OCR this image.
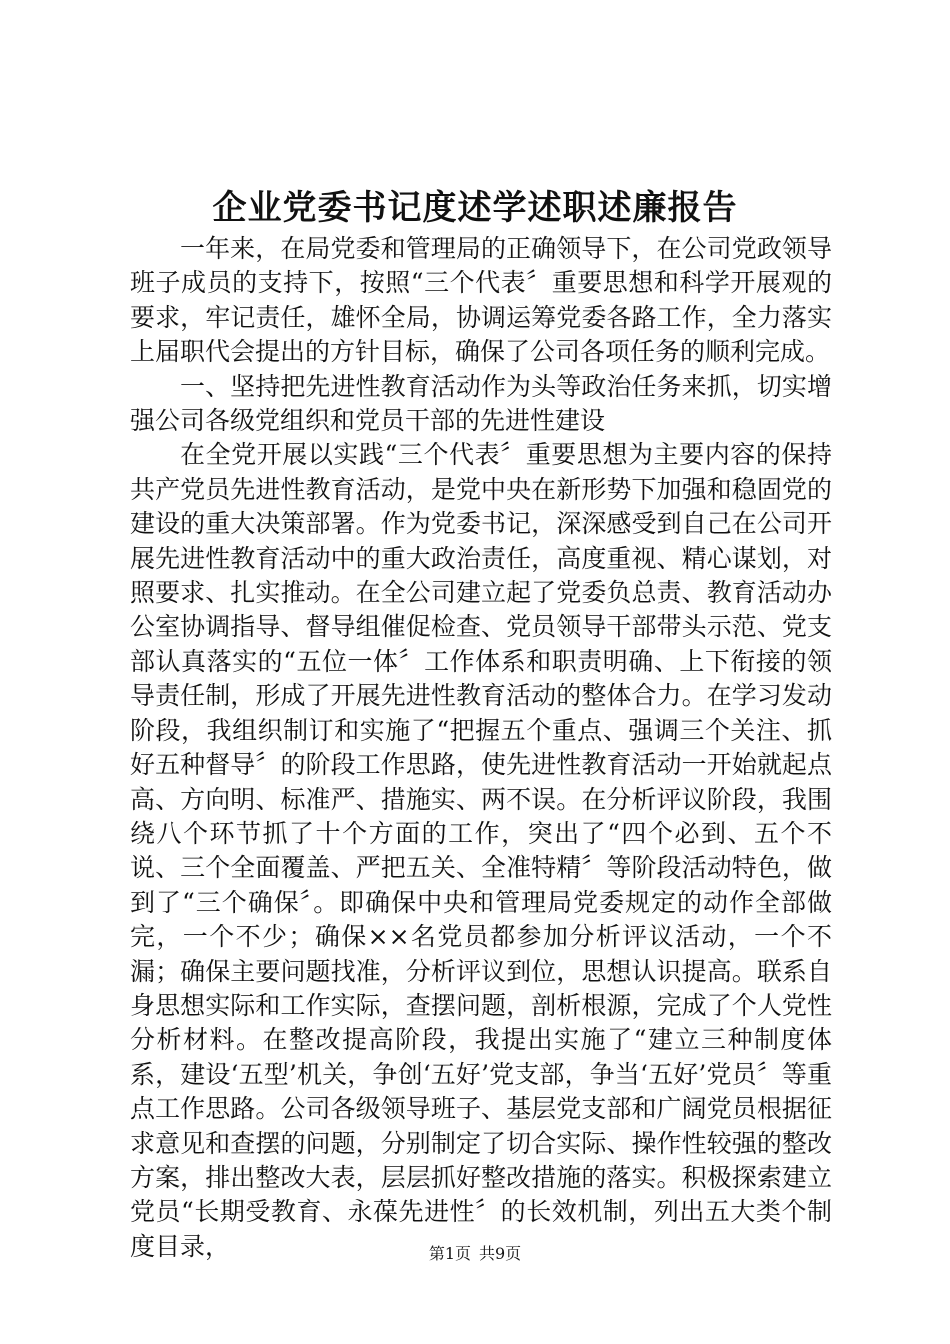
企业党委书记度述学述职述廉报告

一年来，在局党委和管理局的正确领导下，在公司党政领导班子成员的支持下，按照“三个代表〞重要思想和科学开展观的要求，牢记责任，雄怀全局，协调运筹党委各路工作，全力落实上届职代会提出的方针目标，确保了公司各项任务的顺利完成。

一、坚持把先进性教育活动作为头等政治任务来抓，切实增强公司各级党组织和党员干部的先进性建设

在全党开展以实践“三个代表〞重要思想为主要内容的保持共产党员先进性教育活动，是党中央在新形势下加强和稳固党的建设的重大决策部署。作为党委书记，深深感受到自己在公司开展先进性教育活动中的重大政治责任，高度重视、精心谋划，对照要求、扎实推动。在全公司建立起了党委负总责、教育活动办公室协调指导、督导组催促检查、党员领导干部带头示范、党支部认真落实的“五位一体〞工作体系和职责明确、上下衔接的领导责任制，形成了开展先进性教育活动的整体合力。在学习发动阶段，我组织制订和实施了“把握五个重点、强调三个关注、抓好五种督导〞的阶段工作思路，使先进性教育活动一开始就起点高、方向明、标准严、措施实、两不误。在分析评议阶段，我围绕八个环节抓了十个方面的工作，突出了“四个必到、五个不说、三个全面覆盖、严把五关、全准特精〞等阶段活动特色，做到了“三个确保〞。即确保中央和管理局党委规定的动作全部做完，一个不少；确保××名党员都参加分析评议活动，一个不漏；确保主要问题找准，分析评议到位，思想认识提高。联系自身思想实际和工作实际，查摆问题，剖析根源，完成了个人党性分析材料。在整改提高阶段，我提出实施了“建立三种制度体系，建设‘五型’机关，争创‘五好’党支部，争当‘五好’党员〞等重点工作思路。公司各级领导班子、基层党支部和广阔党员根据征求意见和查摆的问题，分别制定了切合实际、操作性较强的整改方案，排出整改大表，层层抓好整改措施的落实。积极探索建立党员“长期受教育、永葆先进性〞的长效机制，列出五大类个制度目录，	第1页 共9页
